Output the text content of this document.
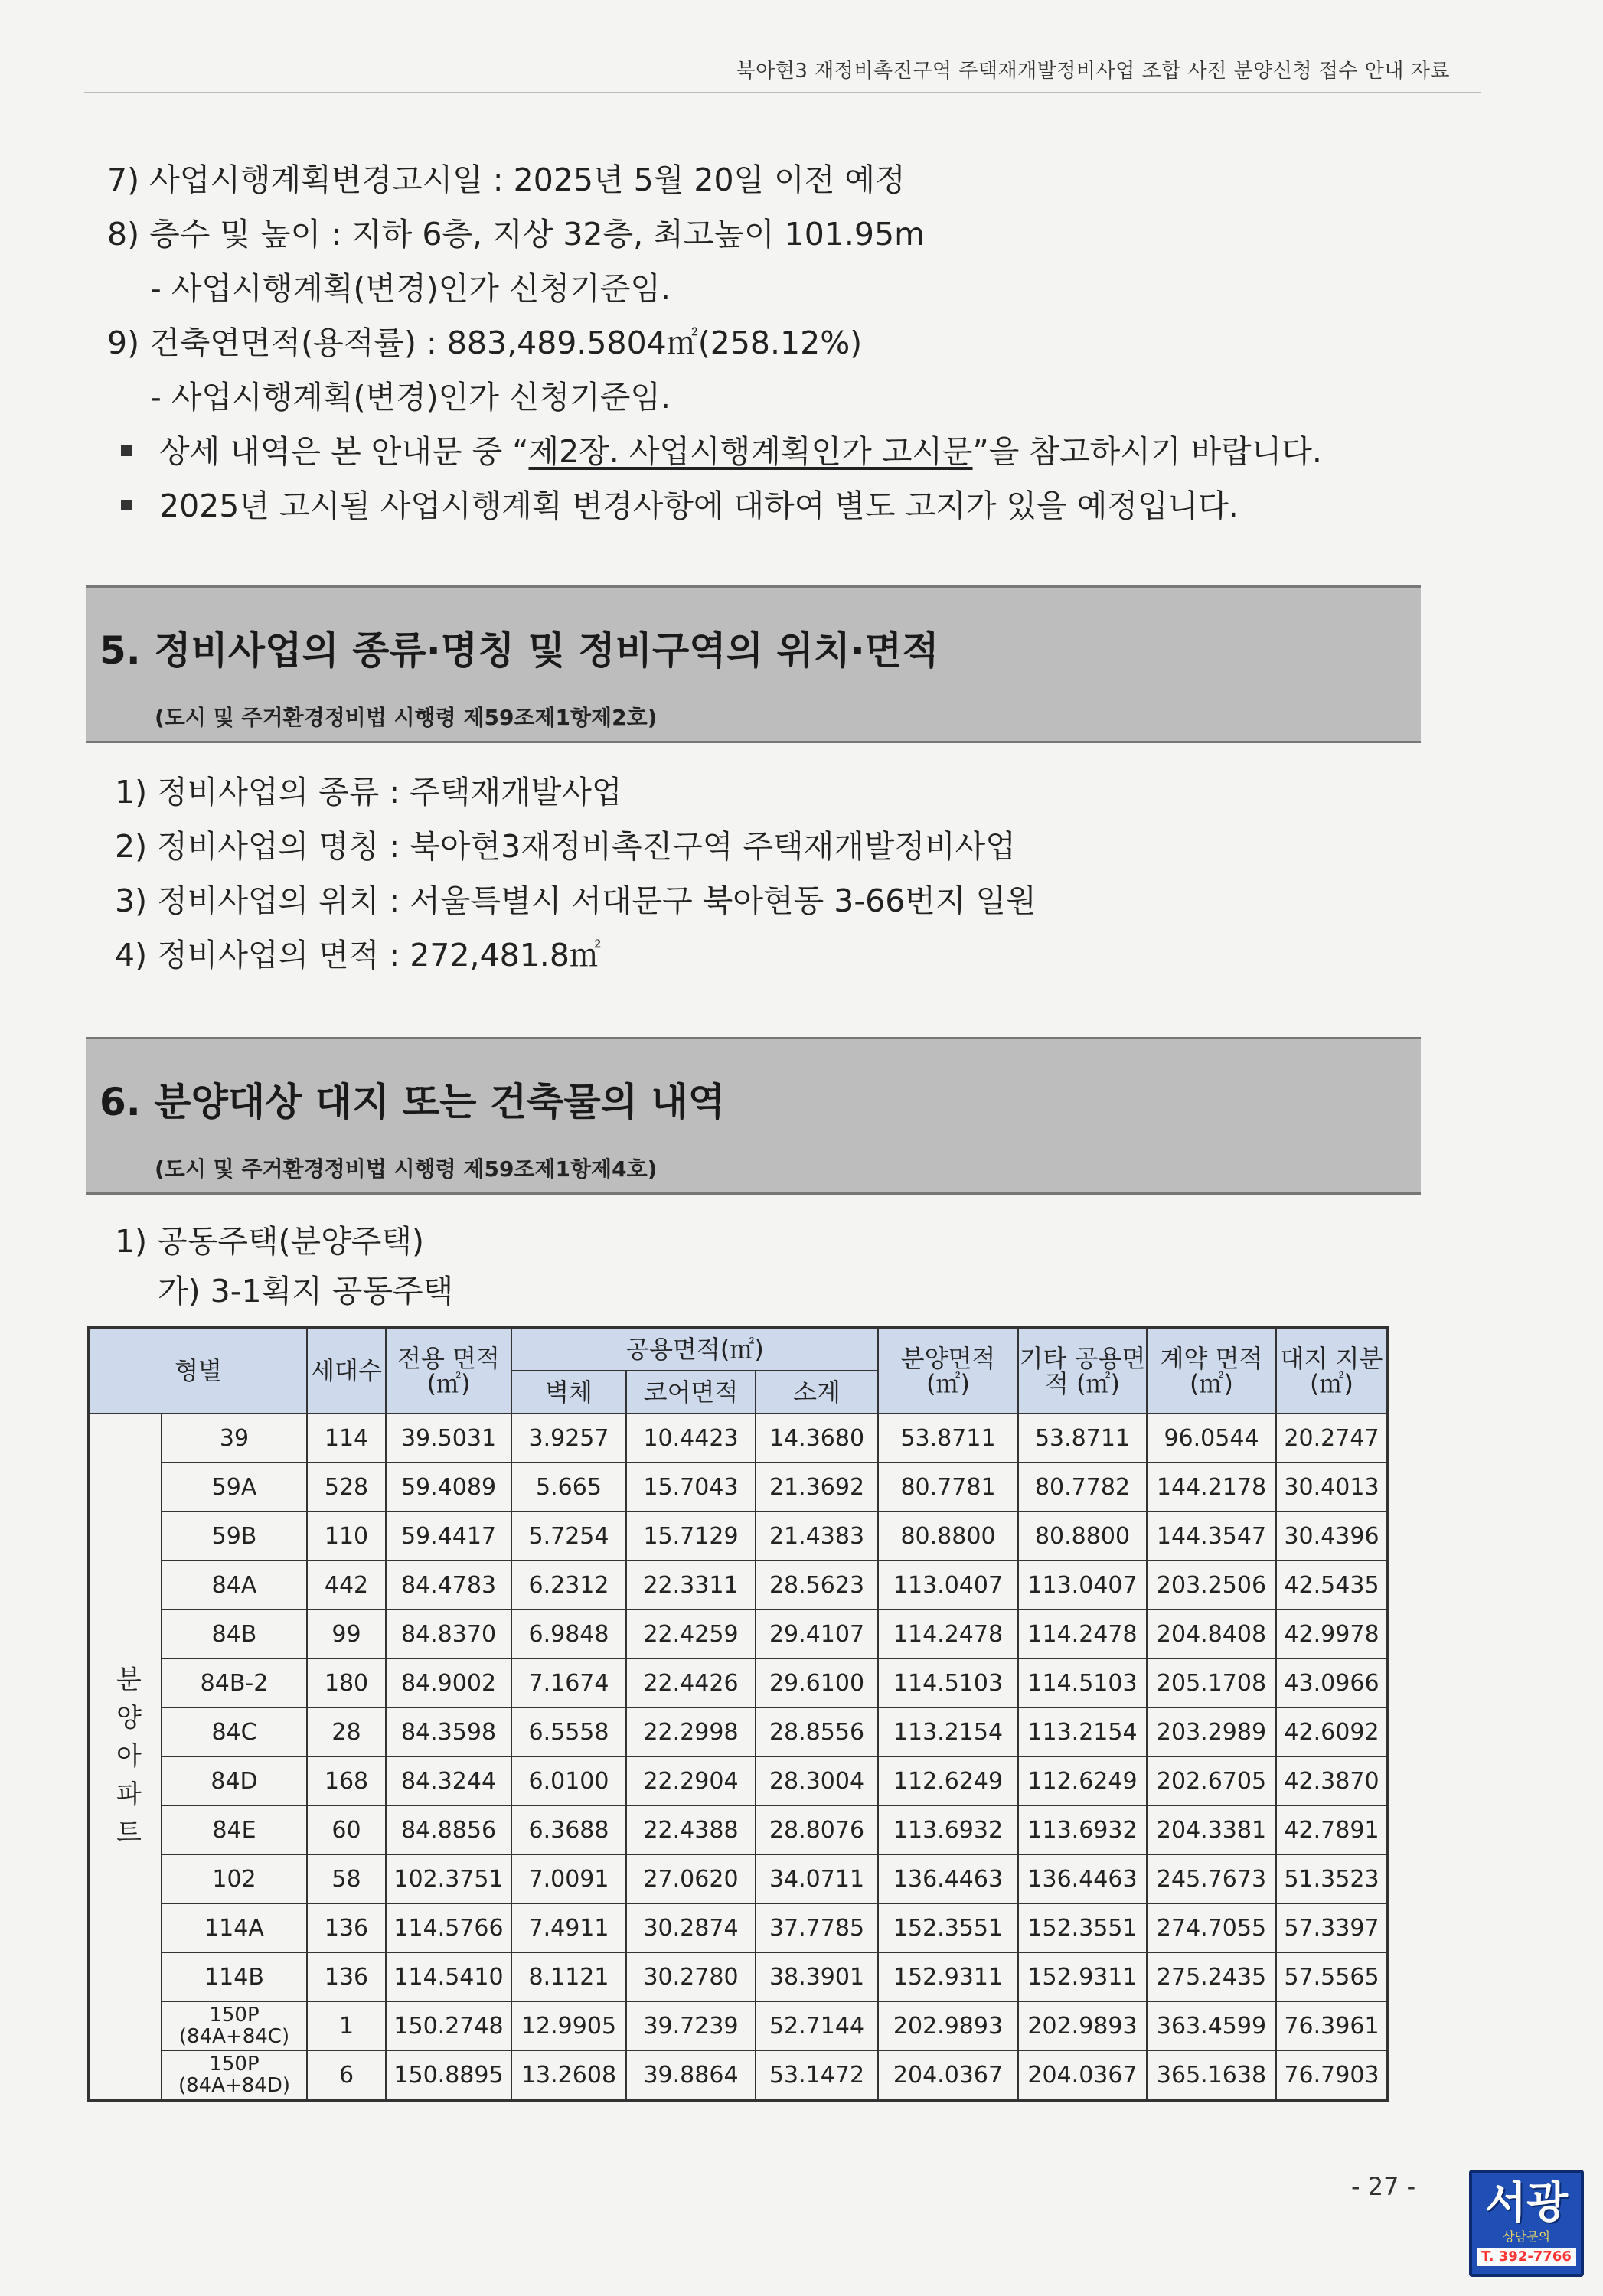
북아현3 재정비촉진구역 주택재개발정비사업 조합 사전 분양신청 접수 안내 자료
7) 사업시행계획변경고시일 : 2025년 5월 20일 이전 예정
8) 층수 및 높이 : 지하 6층, 지상 32층, 최고높이 101.95m
- 사업시행계획(변경)인가 신청기준임.
9) 건축연면적(용적률) : 883,489.5804㎡(258.12%)
- 사업시행계획(변경)인가 신청기준임.
상세 내역은 본 안내문 중 “제2장. 사업시행계획인가 고시문”을 참고하시기 바랍니다.
2025년 고시될 사업시행계획 변경사항에 대하여 별도 고지가 있을 예정입니다.
5. 정비사업의 종류·명칭 및 정비구역의 위치·면적
(도시 및 주거환경정비법 시행령 제59조제1항제2호)
1) 정비사업의 종류 : 주택재개발사업
2) 정비사업의 명칭 : 북아현3재정비촉진구역 주택재개발정비사업
3) 정비사업의 위치 : 서울특별시 서대문구 북아현동 3-66번지 일원
4) 정비사업의 면적 : 272,481.8㎡
6. 분양대상 대지 또는 건축물의 내역
(도시 및 주거환경정비법 시행령 제59조제1항제4호)
1) 공동주택(분양주택)
가) 3-1획지 공동주택
형별		세대수	전용 면적(㎡)	공용면적(㎡)			분양면적 (㎡)	기타 공용면적 (㎡)	계약 면적 (㎡)	대지 지분 (㎡)
				벽체	코어면적	소계				

분양아파트	39	114	39.5031	3.9257	10.4423	14.3680	53.8711	53.8711	96.0544	20.2747
	59A	528	59.4089	5.665	15.7043	21.3692	80.7781	80.7782	144.2178	30.4013
	59B	110	59.4417	5.7254	15.7129	21.4383	80.8800	80.8800	144.3547	30.4396
	84A	442	84.4783	6.2312	22.3311	28.5623	113.0407	113.0407	203.2506	42.5435
	84B	99	84.8370	6.9848	22.4259	29.4107	114.2478	114.2478	204.8408	42.9978
	84B-2	180	84.9002	7.1674	22.4426	29.6100	114.5103	114.5103	205.1708	43.0966
	84C	28	84.3598	6.5558	22.2998	28.8556	113.2154	113.2154	203.2989	42.6092
	84D	168	84.3244	6.0100	22.2904	28.3004	112.6249	112.6249	202.6705	42.3870
	84E	60	84.8856	6.3688	22.4388	28.8076	113.6932	113.6932	204.3381	42.7891
	102	58	102.3751	7.0091	27.0620	34.0711	136.4463	136.4463	245.7673	51.3523
	114A	136	114.5766	7.4911	30.2874	37.7785	152.3551	152.3551	274.7055	57.3397
	114B	136	114.5410	8.1121	30.2780	38.3901	152.9311	152.9311	275.2435	57.5565
	150P (84A+84C)	1	150.2748	12.9905	39.7239	52.7144	202.9893	202.9893	363.4599	76.3961
	150P (84A+84D)	6	150.8895	13.2608	39.8864	53.1472	204.0367	204.0367	365.1638	76.7903
- 27 -	서광
상담문의
T. 392-7766
